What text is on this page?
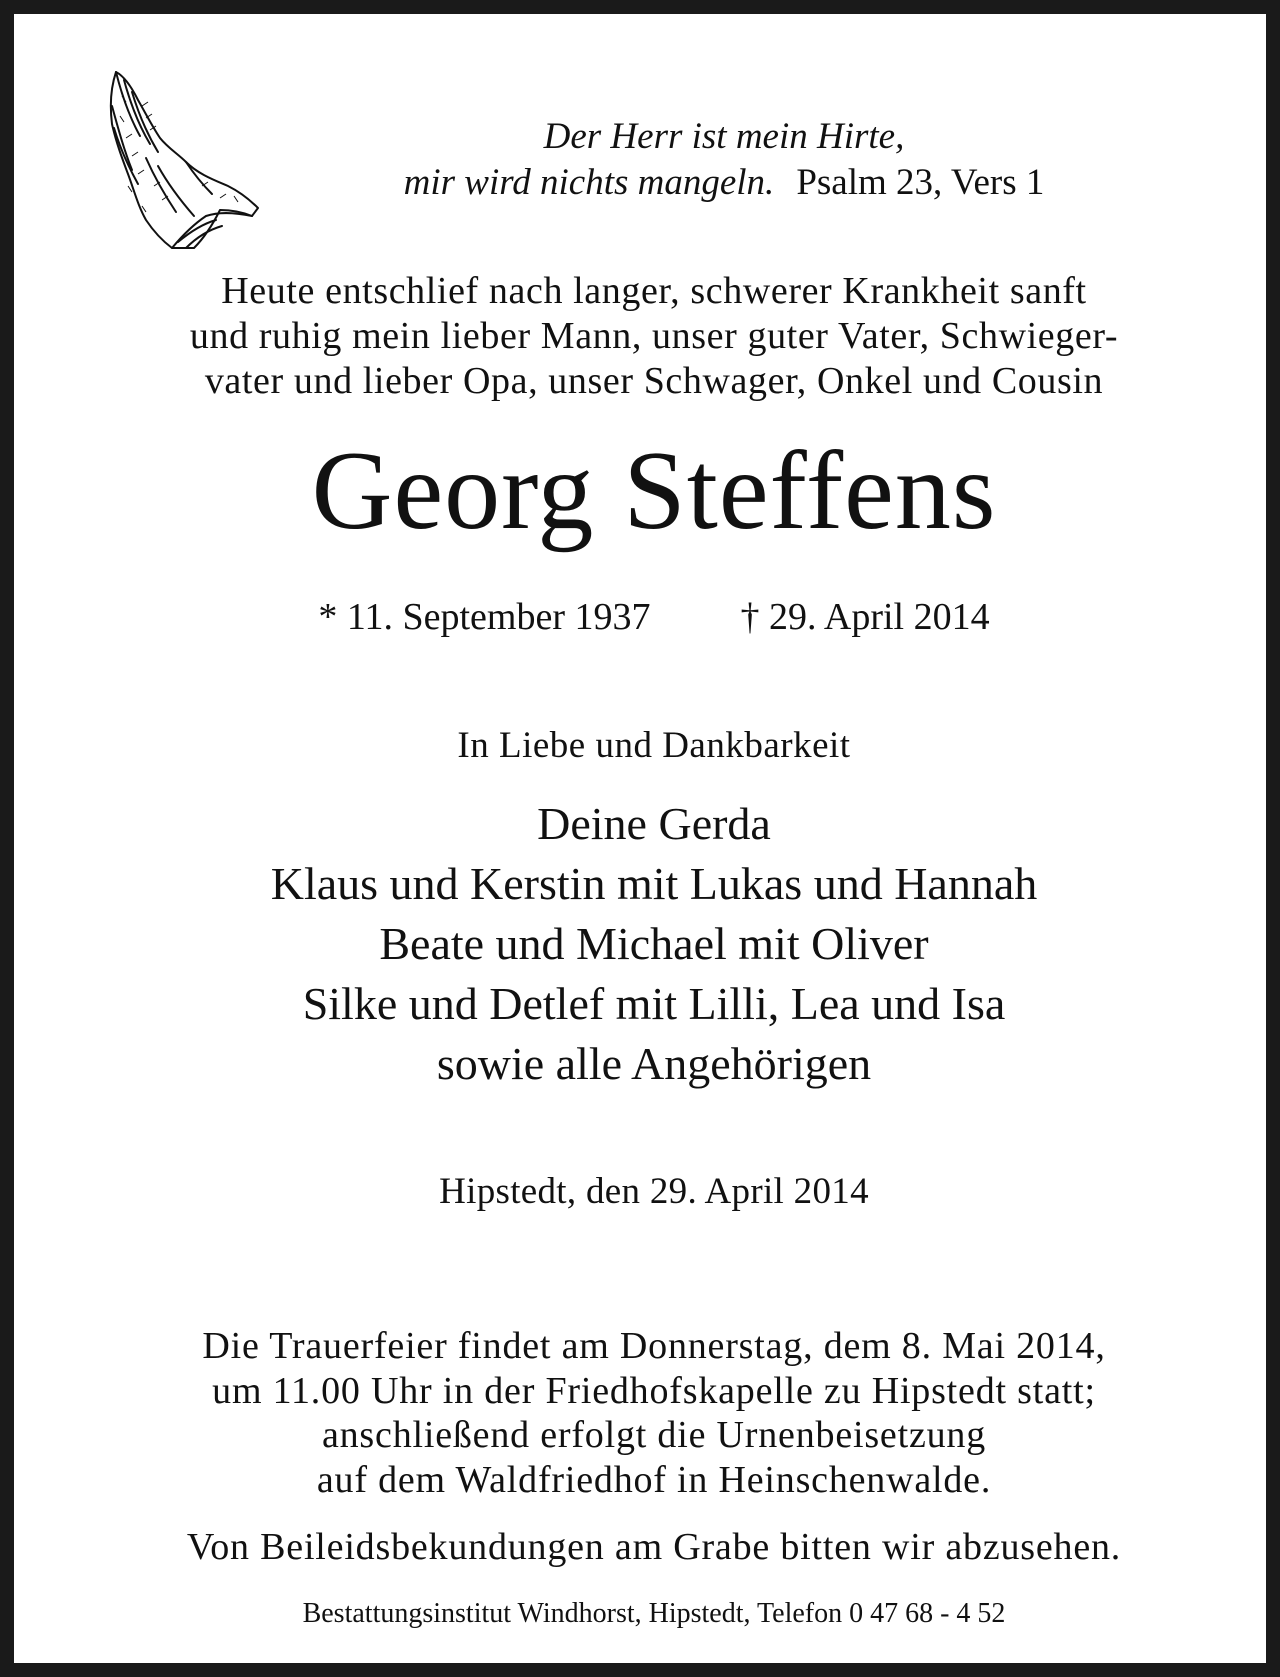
Der Herr ist mein Hirte,
mir wird nichts mangeln. Psalm 23, Vers 1
Heute entschlief nach langer, schwerer Krankheit sanft
und ruhig mein lieber Mann, unser guter Vater, Schwieger-
vater und lieber Opa, unser Schwager, Onkel und Cousin
Georg Steffens
* 11. September 1937 † 29. April 2014
In Liebe und Dankbarkeit
Deine Gerda
Klaus und Kerstin mit Lukas und Hannah
Beate und Michael mit Oliver
Silke und Detlef mit Lilli, Lea und Isa
sowie alle Angehörigen
Hipstedt, den 29. April 2014
Die Trauerfeier findet am Donnerstag, dem 8. Mai 2014,
um 11.00 Uhr in der Friedhofskapelle zu Hipstedt statt;
anschließend erfolgt die Urnenbeisetzung
auf dem Waldfriedhof in Heinschenwalde.
Von Beileidsbekundungen am Grabe bitten wir abzusehen.
Bestattungsinstitut Windhorst, Hipstedt, Telefon 0 47 68 - 4 52
